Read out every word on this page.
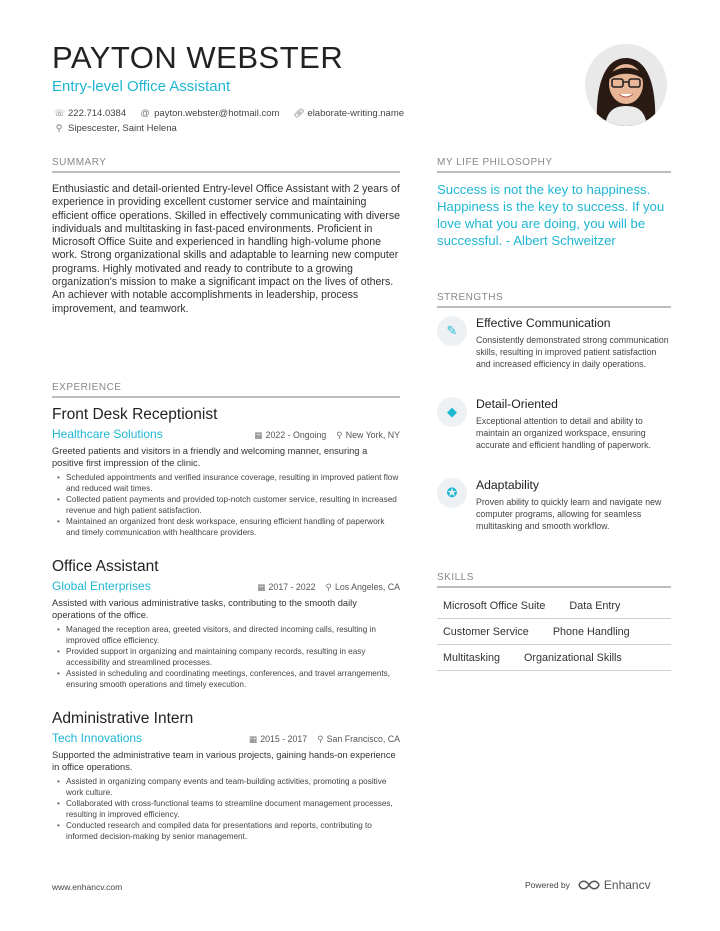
PAYTON WEBSTER
Entry-level Office Assistant
☏ 222.714.0384 @ payton.webster@hotmail.com 🔗︎ elaborate-writing.name
⚲ Sipescester, Saint Helena
SUMMARY
Enthusiastic and detail-oriented Entry-level Office Assistant with 2 years of experience in providing excellent customer service and maintaining efficient office operations. Skilled in effectively communicating with diverse individuals and multitasking in fast-paced environments. Proficient in Microsoft Office Suite and experienced in handling high-volume phone work. Strong organizational skills and adaptable to learning new computer programs. Highly motivated and ready to contribute to a growing organization's mission to make a significant impact on the lives of others. An achiever with notable accomplishments in leadership, process improvement, and teamwork.
EXPERIENCE
Front Desk Receptionist
Healthcare Solutions	▦ 2022 - Ongoing ⚲ New York, NY
Greeted patients and visitors in a friendly and welcoming manner, ensuring a positive first impression of the clinic.
• Scheduled appointments and verified insurance coverage, resulting in improved patient flow and reduced wait times.
• Collected patient payments and provided top-notch customer service, resulting in increased revenue and high patient satisfaction.
• Maintained an organized front desk workspace, ensuring efficient handling of paperwork and timely communication with healthcare providers.
Office Assistant
Global Enterprises	▦ 2017 - 2022 ⚲ Los Angeles, CA
Assisted with various administrative tasks, contributing to the smooth daily operations of the office.
• Managed the reception area, greeted visitors, and directed incoming calls, resulting in improved office efficiency.
• Provided support in organizing and maintaining company records, resulting in easy accessibility and streamlined processes.
• Assisted in scheduling and coordinating meetings, conferences, and travel arrangements, ensuring smooth operations and timely execution.
Administrative Intern
Tech Innovations	▦ 2015 - 2017 ⚲ San Francisco, CA
Supported the administrative team in various projects, gaining hands-on experience in office operations.
• Assisted in organizing company events and team-building activities, promoting a positive work culture.
• Collaborated with cross-functional teams to streamline document management processes, resulting in improved efficiency.
• Conducted research and compiled data for presentations and reports, contributing to informed decision-making by senior management.
MY LIFE PHILOSOPHY
Success is not the key to happiness. Happiness is the key to success. If you love what you are doing, you will be successful. - Albert Schweitzer
STRENGTHS
✎	Effective Communication
Consistently demonstrated strong communication skills, resulting in improved patient satisfaction and increased efficiency in daily operations.
◆	Detail-Oriented
Exceptional attention to detail and ability to maintain an organized workspace, ensuring accurate and efficient handling of paperwork.
✪	Adaptability
Proven ability to quickly learn and navigate new computer programs, allowing for seamless multitasking and smooth workflow.
SKILLS
Microsoft Office Suite	Data Entry
Customer Service	Phone Handling
Multitasking	Organizational Skills
www.enhancv.com	Powered by	Enhancv
